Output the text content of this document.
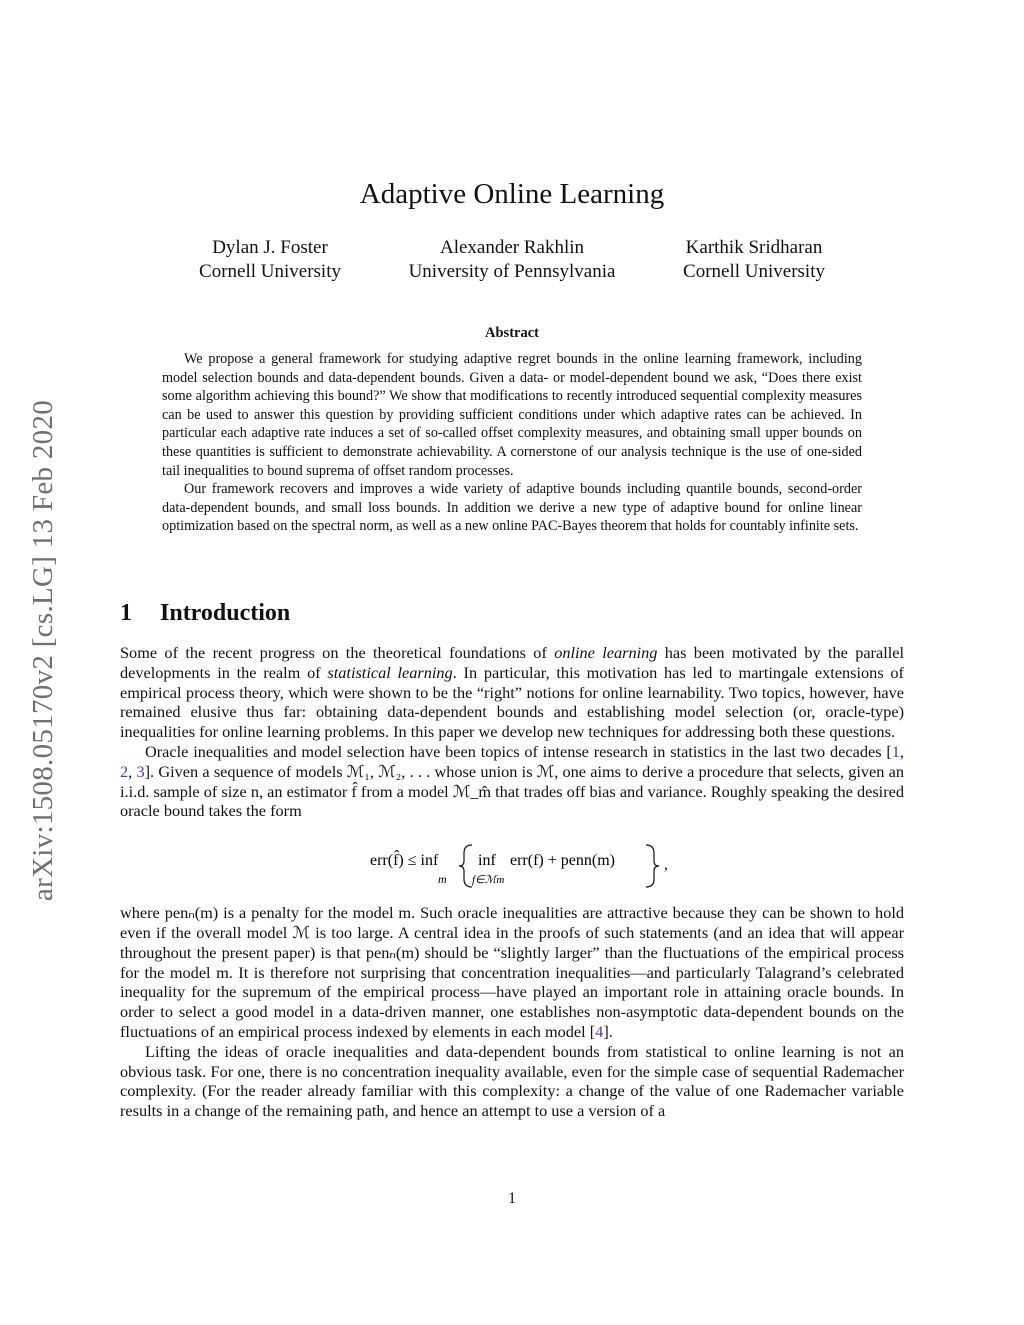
arXiv:1508.05170v2 [cs.LG] 13 Feb 2020
Adaptive Online Learning
Dylan J. Foster
Cornell University
Alexander Rakhlin
University of Pennsylvania
Karthik Sridharan
Cornell University
Abstract

We propose a general framework for studying adaptive regret bounds in the online learning framework, including model selection bounds and data-dependent bounds. Given a data- or model-dependent bound we ask, “Does there exist some algorithm achieving this bound?” We show that modifications to recently introduced sequential complexity measures can be used to answer this question by providing sufficient conditions under which adaptive rates can be achieved. In particular each adaptive rate induces a set of so-called offset complexity measures, and obtaining small upper bounds on these quantities is sufficient to demonstrate achievability. A cornerstone of our analysis technique is the use of one-sided tail inequalities to bound suprema of offset random processes.

Our framework recovers and improves a wide variety of adaptive bounds including quantile bounds, second-order data-dependent bounds, and small loss bounds. In addition we derive a new type of adaptive bound for online linear optimization based on the spectral norm, as well as a new online PAC-Bayes theorem that holds for countably infinite sets.

1 Introduction

Some of the recent progress on the theoretical foundations of online learning has been motivated by the parallel developments in the realm of statistical learning. In particular, this motivation has led to martingale extensions of empirical process theory, which were shown to be the “right” notions for online learnability. Two topics, however, have remained elusive thus far: obtaining data-dependent bounds and establishing model selection (or, oracle-type) inequalities for online learning problems. In this paper we develop new techniques for addressing both these questions.

Oracle inequalities and model selection have been topics of intense research in statistics in the last two decades [1, 2, 3]. Given a sequence of models ℳ₁, ℳ₂, . . . whose union is ℳ, one aims to derive a procedure that selects, given an i.i.d. sample of size n, an estimator f̂ from a model ℳ_m̂ that trades off bias and variance. Roughly speaking the desired oracle bound takes the form

err(f̂) ≤ inf
m
inf
f∈ℳm
err(f) + penn(m)	,

where penₙ(m) is a penalty for the model m. Such oracle inequalities are attractive because they can be shown to hold even if the overall model ℳ is too large. A central idea in the proofs of such statements (and an idea that will appear throughout the present paper) is that penₙ(m) should be “slightly larger” than the fluctuations of the empirical process for the model m. It is therefore not surprising that concentration inequalities—and particularly Talagrand’s celebrated inequality for the supremum of the empirical process—have played an important role in attaining oracle bounds. In order to select a good model in a data-driven manner, one establishes non-asymptotic data-dependent bounds on the fluctuations of an empirical process indexed by elements in each model [4].

Lifting the ideas of oracle inequalities and data-dependent bounds from statistical to online learning is not an obvious task. For one, there is no concentration inequality available, even for the simple case of sequential Rademacher complexity. (For the reader already familiar with this complexity: a change of the value of one Rademacher variable results in a change of the remaining path, and hence an attempt to use a version of a

1
